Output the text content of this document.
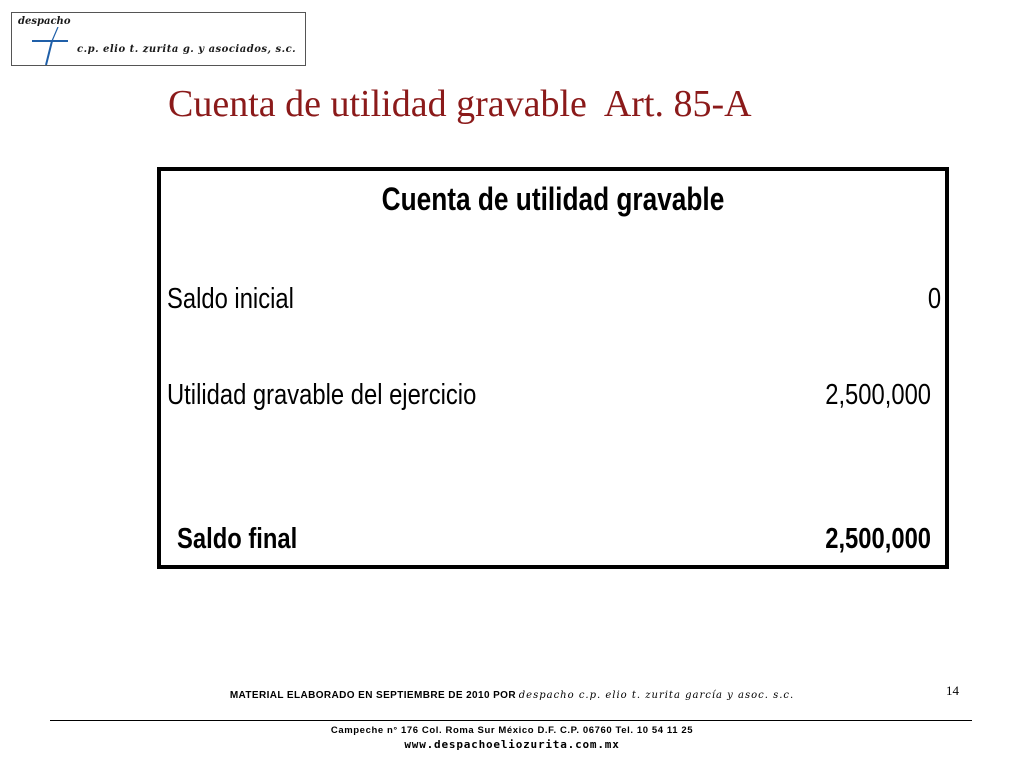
despacho
c.p. elio t. zurita g. y asociados, s.c.
Cuenta de utilidad gravable  Art. 85-A
Cuenta de utilidad gravable
Saldo inicial	0
Utilidad gravable del ejercicio	2,500,000
Saldo final	2,500,000
14
MATERIAL ELABORADO EN SEPTIEMBRE DE 2010 POR despacho c.p. elio t. zurita garcía y asoc. s.c.
Campeche n° 176 Col. Roma Sur México D.F. C.P. 06760 Tel. 10 54 11 25
www.despachoeliozurita.com.mx
